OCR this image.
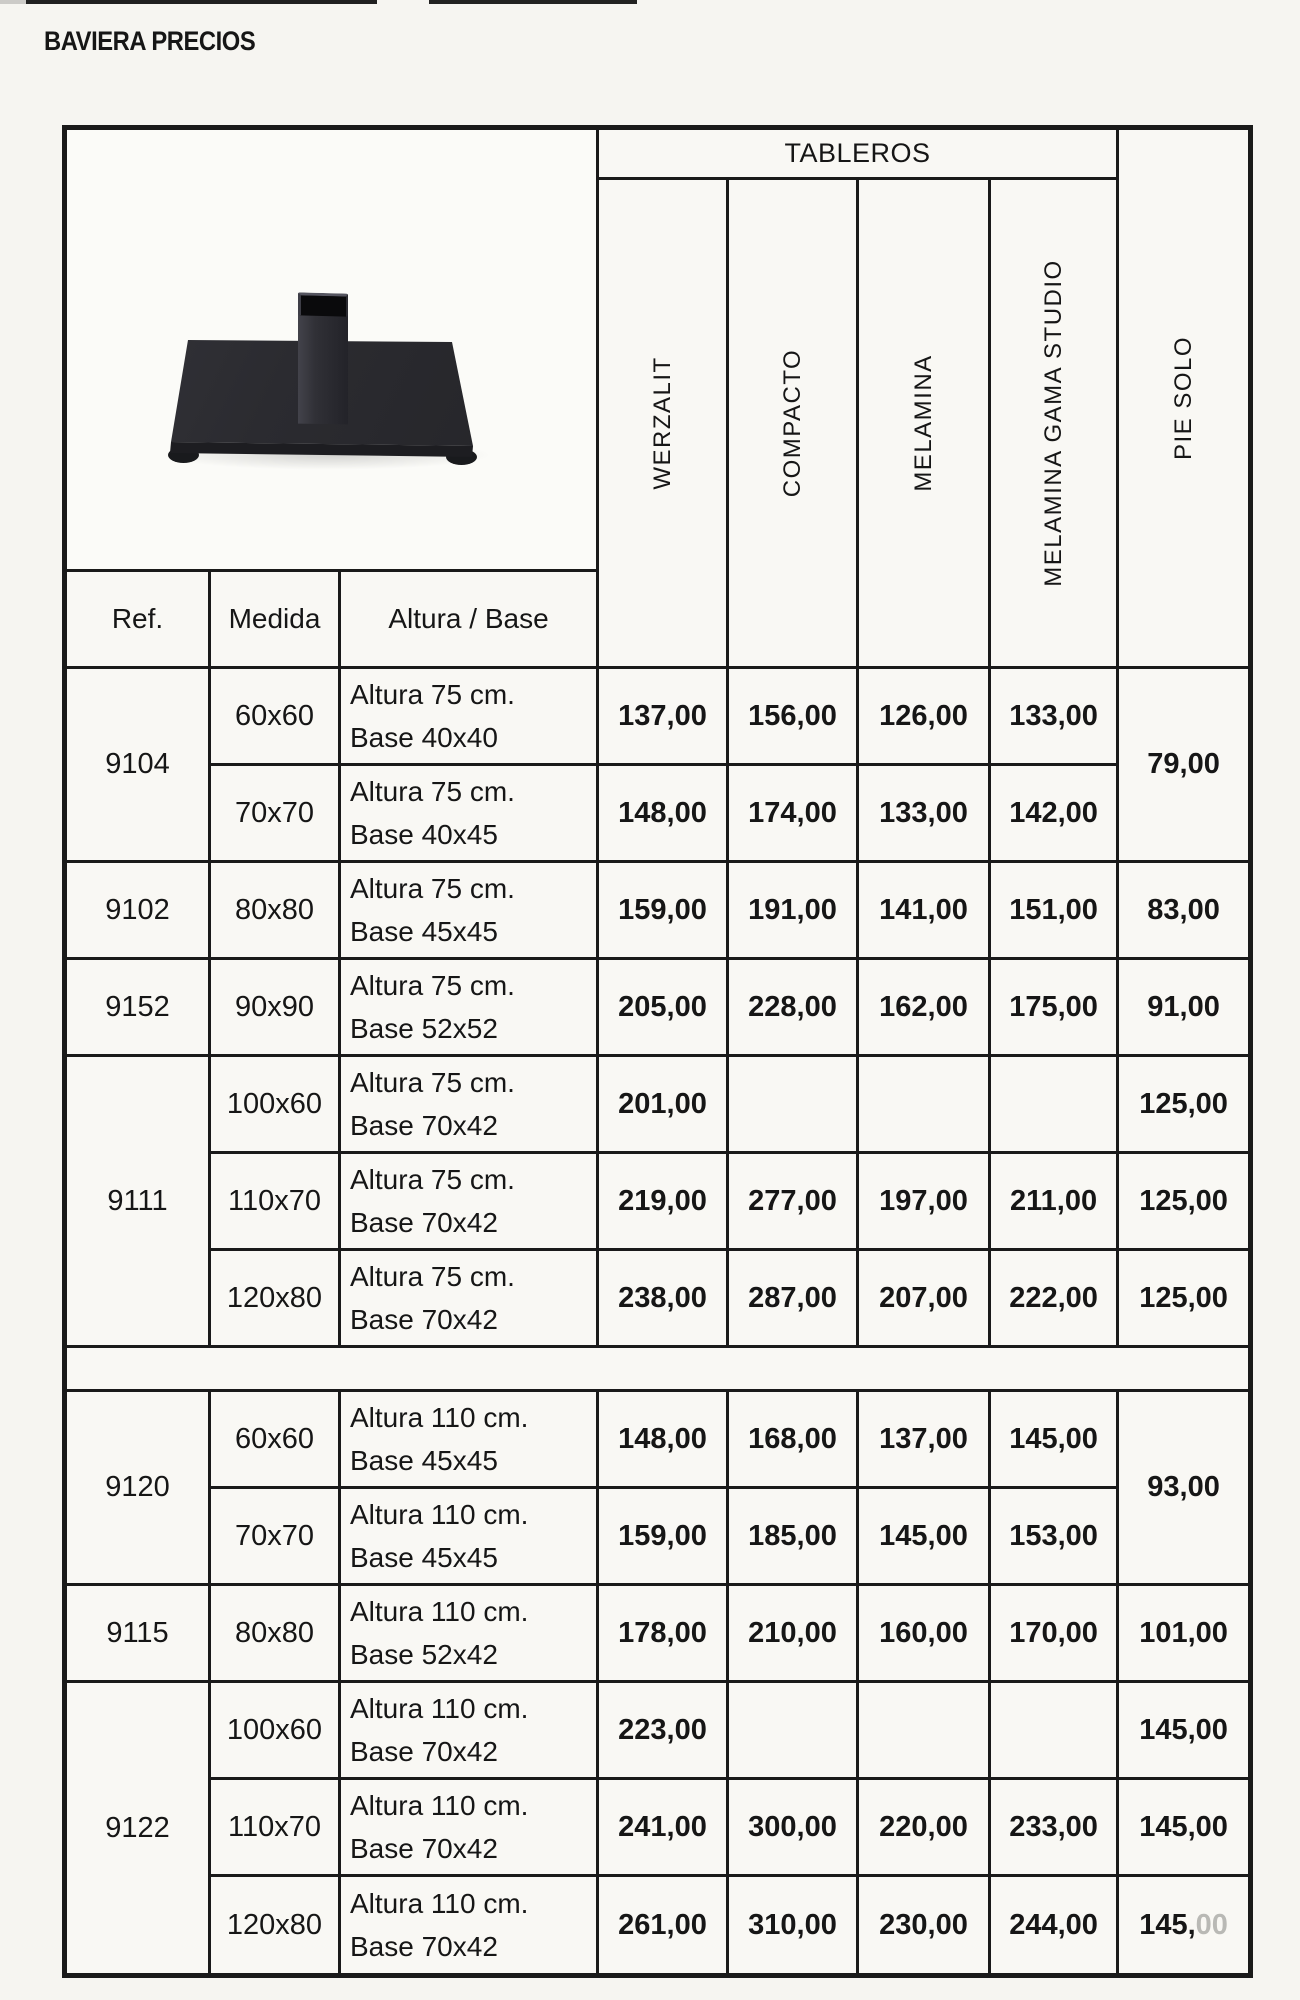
BAVIERA PRECIOS
			TABLEROS				PIE SOLO

			WERZALIT	COMPACTO	MELAMINA	MELAMINA GAMA STUDIO	

Ref.	Medida	Altura / Base					
9104	60x60	Altura 75 cm.
Base 40x40	137,00	156,00	126,00	133,00	79,00
	70x70	Altura 75 cm.
Base 40x45	148,00	174,00	133,00	142,00	
9102	80x80	Altura 75 cm.
Base 45x45	159,00	191,00	141,00	151,00	83,00
9152	90x90	Altura 75 cm.
Base 52x52	205,00	228,00	162,00	175,00	91,00
9111	100x60	Altura 75 cm.
Base 70x42	201,00				125,00
	110x70	Altura 75 cm.
Base 70x42	219,00	277,00	197,00	211,00	125,00
	120x80	Altura 75 cm.
Base 70x42	238,00	287,00	207,00	222,00	125,00

9120	60x60	Altura 110 cm.
Base 45x45	148,00	168,00	137,00	145,00	93,00
	70x70	Altura 110 cm.
Base 45x45	159,00	185,00	145,00	153,00	
9115	80x80	Altura 110 cm.
Base 52x42	178,00	210,00	160,00	170,00	101,00
9122	100x60	Altura 110 cm.
Base 70x42	223,00				145,00
	110x70	Altura 110 cm.
Base 70x42	241,00	300,00	220,00	233,00	145,00
	120x80	Altura 110 cm.
Base 70x42	261,00	310,00	230,00	244,00	145,00
